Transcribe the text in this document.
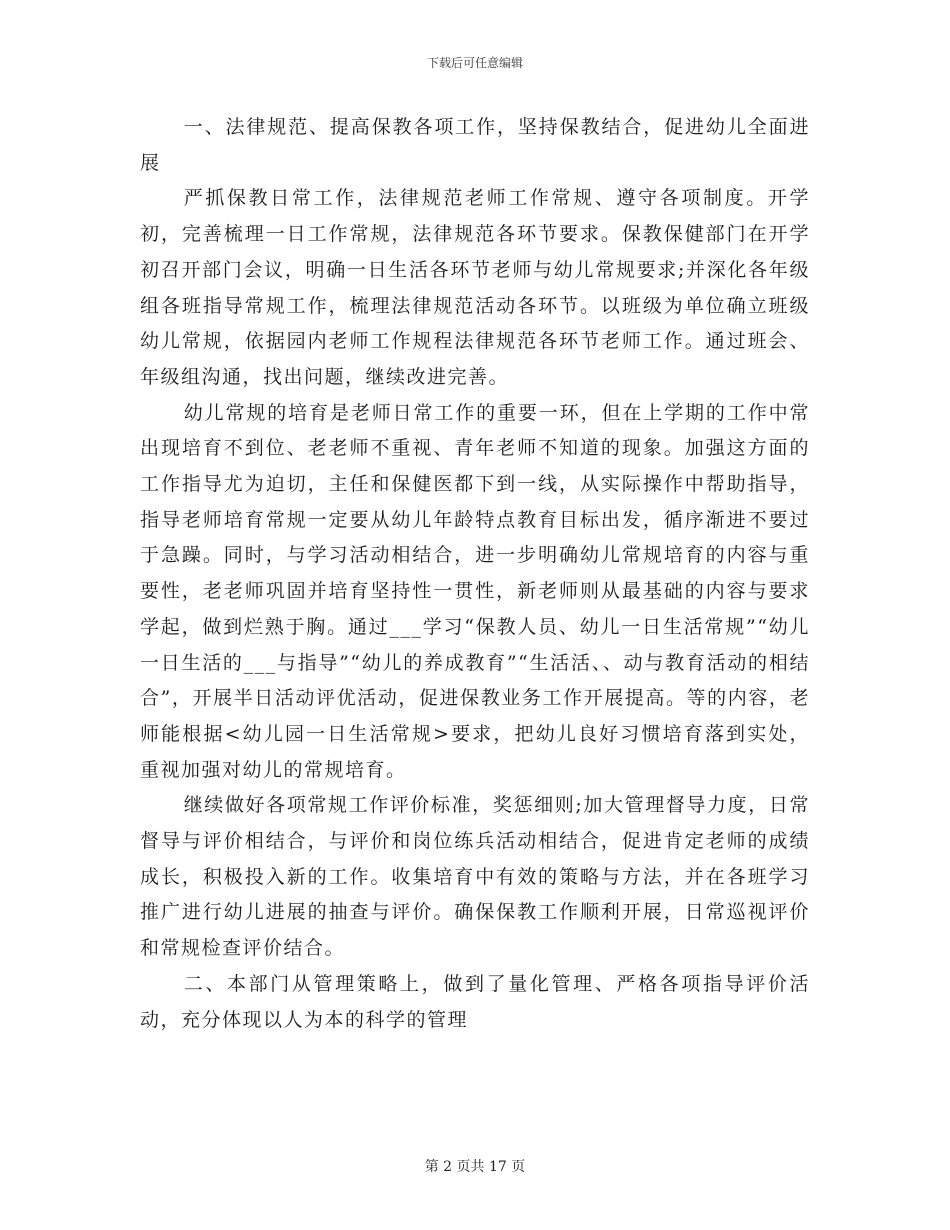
下载后可任意编辑

一、法律规范、提高保教各项工作，坚持保教结合，促进幼儿全面进展

严抓保教日常工作，法律规范老师工作常规、遵守各项制度。开学初，完善梳理一日工作常规，法律规范各环节要求。保教保健部门在开学初召开部门会议，明确一日生活各环节老师与幼儿常规要求;并深化各年级组各班指导常规工作，梳理法律规范活动各环节。以班级为单位确立班级幼儿常规，依据园内老师工作规程法律规范各环节老师工作。通过班会、年级组沟通，找出问题，继续改进完善。

幼儿常规的培育是老师日常工作的重要一环，但在上学期的工作中常出现培育不到位、老老师不重视、青年老师不知道的现象。加强这方面的工作指导尤为迫切，主任和保健医都下到一线，从实际操作中帮助指导，指导老师培育常规一定要从幼儿年龄特点教育目标出发，循序渐进不要过于急躁。同时，与学习活动相结合，进一步明确幼儿常规培育的内容与重要性，老老师巩固并培育坚持性一贯性，新老师则从最基础的内容与要求学起，做到烂熟于胸。通过___学习“保教人员、幼儿一日生活常规”“幼儿一日生活的___与指导”“幼儿的养成教育”“生活活、、动与教育活动的相结合”，开展半日活动评优活动，促进保教业务工作开展提高。等的内容，老师能根据<幼儿园一日生活常规>要求，把幼儿良好习惯培育落到实处，重视加强对幼儿的常规培育。

继续做好各项常规工作评价标准，奖惩细则;加大管理督导力度，日常督导与评价相结合，与评价和岗位练兵活动相结合，促进肯定老师的成绩成长，积极投入新的工作。收集培育中有效的策略与方法，并在各班学习推广进行幼儿进展的抽查与评价。确保保教工作顺利开展，日常巡视评价和常规检查评价结合。

二、本部门从管理策略上，做到了量化管理、严格各项指导评价活动，充分体现以人为本的科学的管理

第 2 页共 17 页
